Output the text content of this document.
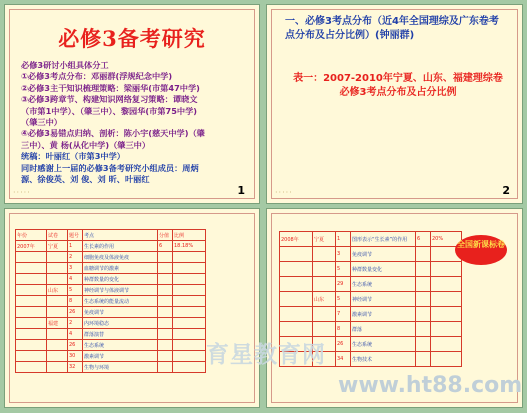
必修3备考研究
必修3研讨小组具体分工
①必修3考点分布：邓丽群(浮规纪念中学)
②必修3主干知识梳理策略：梁丽华(市第47中学)
③必修3跨章节、构建知识网络复习策略：谭晓文
（市第1中学）、（肇三中）、黎园华(市第75中学)
（肇三中）
④必修3易错点归纳、剖析：陈小宇(慈天中学)（肇
三中）、黄 杨(从化中学)（肇三中）
统稿：叶丽红（市第3中学）
同时感谢上一届的必修3备考研究小组成员：周炳
源、徐俊英、刘 俊、刘 昕、叶丽红
·····	1
一、必修3考点分布（近4年全国理综及广东卷考点分布及占分比例）(钟丽群)
表一：2007-2010年宁夏、山东、福建理综卷必修3考点分布及占分比例
·····	2
年份	试卷	题号	考点	分值	比例
2007年	宁夏	1	生长素的作用	6	18.18%
		2	细胞免疫及体液免疫		
		3	血糖调节的激素		
		4	种群数量的变化		
	山东	5	神经调节与体液调节		
		8	生态系统的能量流动		
		26	免疫调节		
	福建	2	内环境稳态		
		4	群落演替		
		26	生态系统		
		30	激素调节		
		32	生物与环境		
2008年	宁夏	1	图形表示“生长素”的作用	6	20%
		3	免疫调节		
		5	种群数量变化		
		29	生态系统		
	山东	5	神经调节		
		7	激素调节		
		8	群落		
		26	生态系统		
		34	生物技术		
全国新课标卷
育星教育网
www.ht88.com
